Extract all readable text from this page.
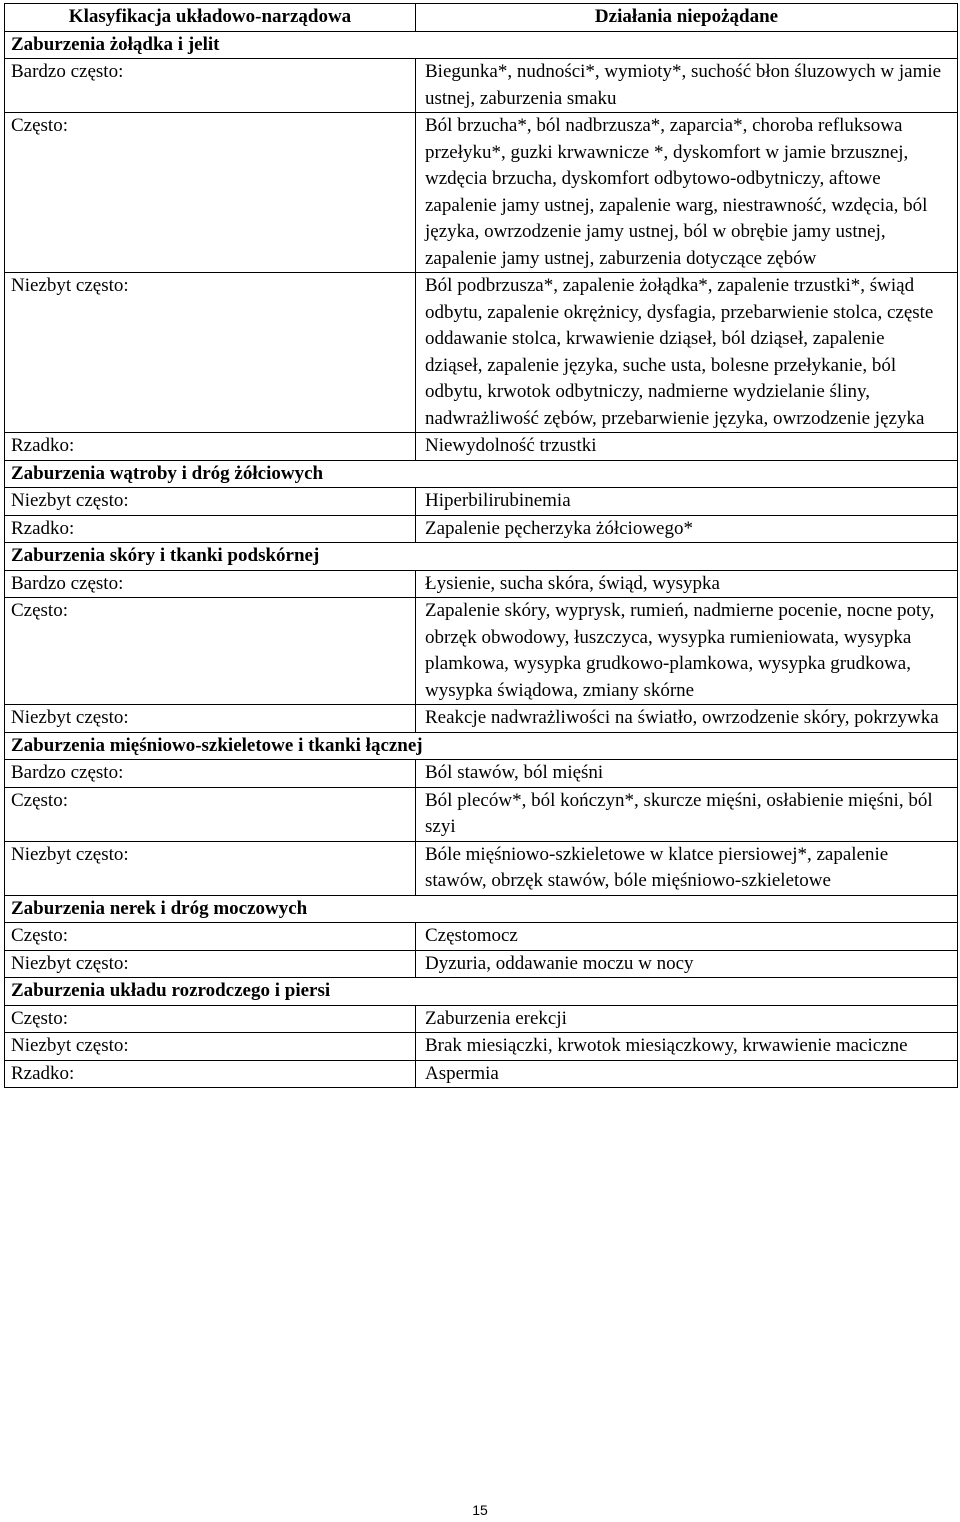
Klasyfikacja układowo-narządowa	Działania niepożądane
Zaburzenia żołądka i jelit	
Bardzo często:	Biegunka*, nudności*, wymioty*, suchość błon śluzowych w jamie ustnej, zaburzenia smaku
Często:	Ból brzucha*, ból nadbrzusza*, zaparcia*, choroba refluksowa przełyku*, guzki krwawnicze *, dyskomfort w jamie brzusznej, wzdęcia brzucha, dyskomfort odbytowo-odbytniczy, aftowe zapalenie jamy ustnej, zapalenie warg, niestrawność, wzdęcia, ból języka, owrzodzenie jamy ustnej, ból w obrębie jamy ustnej, zapalenie jamy ustnej, zaburzenia dotyczące zębów
Niezbyt często:	Ból podbrzusza*, zapalenie żołądka*, zapalenie trzustki*, świąd odbytu, zapalenie okrężnicy, dysfagia, przebarwienie stolca, częste oddawanie stolca, krwawienie dziąseł, ból dziąseł, zapalenie dziąseł, zapalenie języka, suche usta, bolesne przełykanie, ból odbytu, krwotok odbytniczy, nadmierne wydzielanie śliny, nadwrażliwość zębów, przebarwienie języka, owrzodzenie języka
Rzadko:	Niewydolność trzustki
Zaburzenia wątroby i dróg żółciowych	
Niezbyt często:	Hiperbilirubinemia
Rzadko:	Zapalenie pęcherzyka żółciowego*
Zaburzenia skóry i tkanki podskórnej	
Bardzo często:	Łysienie, sucha skóra, świąd, wysypka
Często:	Zapalenie skóry, wyprysk, rumień, nadmierne pocenie, nocne poty, obrzęk obwodowy, łuszczyca, wysypka rumieniowata, wysypka plamkowa, wysypka grudkowo-plamkowa, wysypka grudkowa, wysypka świądowa, zmiany skórne
Niezbyt często:	Reakcje nadwrażliwości na światło, owrzodzenie skóry, pokrzywka
Zaburzenia mięśniowo-szkieletowe i tkanki łącznej	
Bardzo często:	Ból stawów, ból mięśni
Często:	Ból pleców*, ból kończyn*, skurcze mięśni, osłabienie mięśni, ból szyi
Niezbyt często:	Bóle mięśniowo-szkieletowe w klatce piersiowej*, zapalenie stawów, obrzęk stawów, bóle mięśniowo-szkieletowe
Zaburzenia nerek i dróg moczowych	
Często:	Częstomocz
Niezbyt często:	Dyzuria, oddawanie moczu w nocy
Zaburzenia układu rozrodczego i piersi	
Często:	Zaburzenia erekcji
Niezbyt często:	Brak miesiączki, krwotok miesiączkowy, krwawienie maciczne
Rzadko:	Aspermia
15
